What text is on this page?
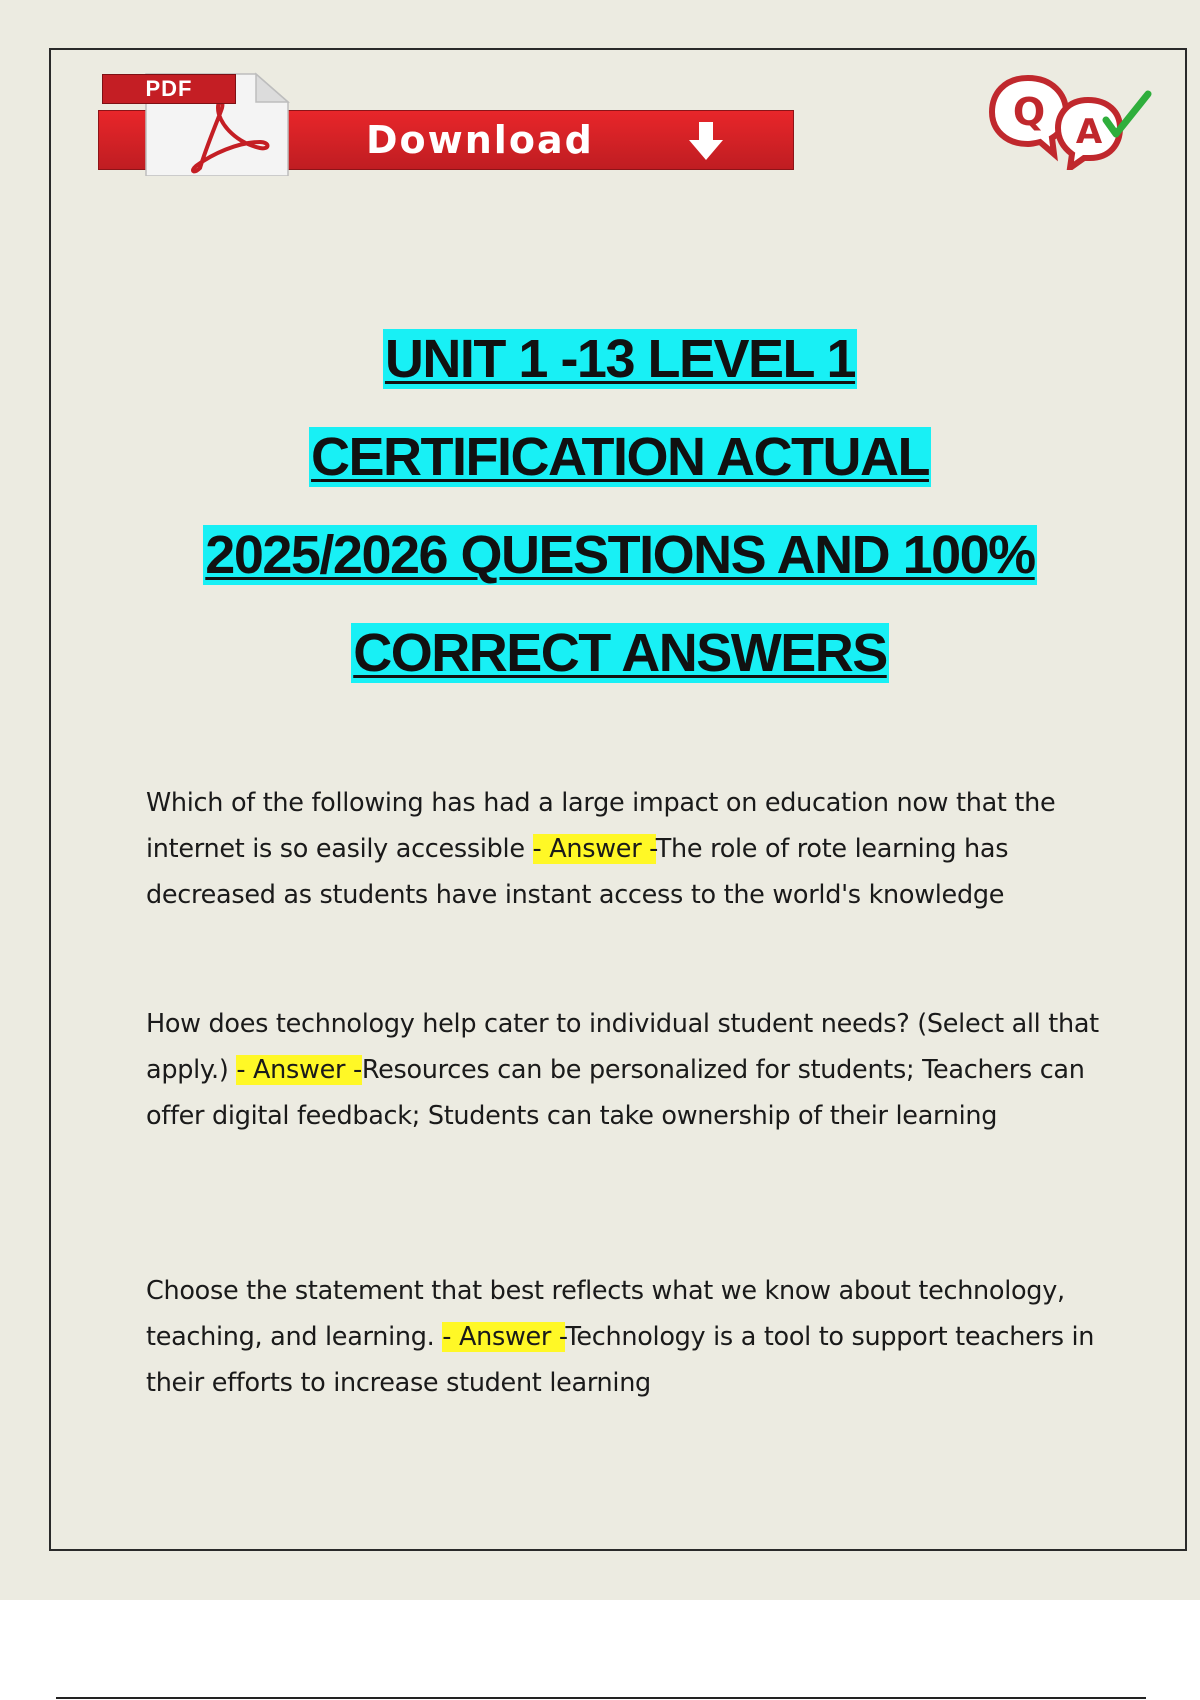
Download
PDF
Q A
UNIT 1 -13 LEVEL 1
CERTIFICATION ACTUAL
2025/2026 QUESTIONS AND 100%
CORRECT ANSWERS
Which of the following has had a large impact on education now that the internet is so easily accessible - Answer -The role of rote learning has decreased as students have instant access to the world's knowledge
How does technology help cater to individual student needs? (Select all that apply.) - Answer -Resources can be personalized for students; Teachers can offer digital feedback; Students can take ownership of their learning
Choose the statement that best reflects what we know about technology, teaching, and learning. - Answer -Technology is a tool to support teachers in their efforts to increase student learning
